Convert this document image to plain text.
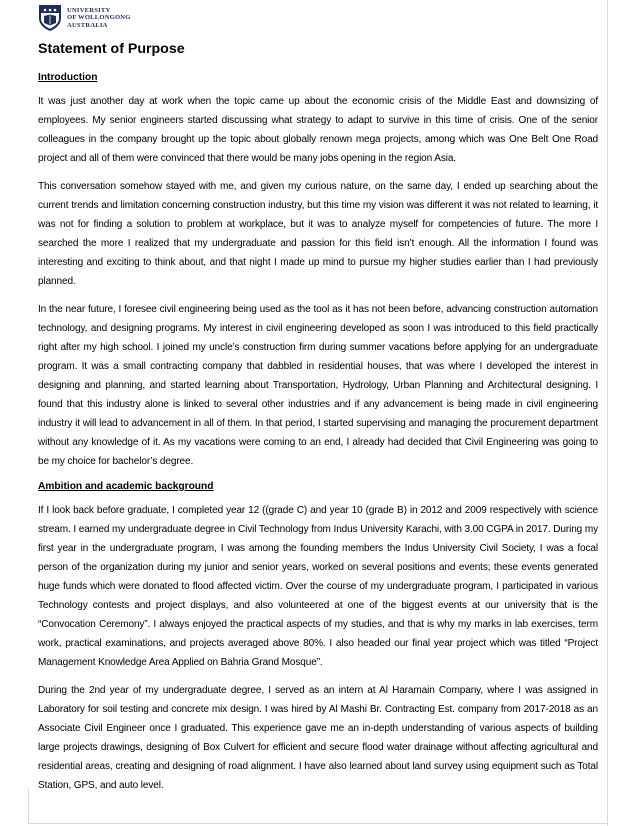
UNIVERSITY
OF WOLLONGONG
AUSTRALIA
Statement of Purpose
Introduction

It was just another day at work when the topic came up about the economic crisis of the Middle East and downsizing of employees. My senior engineers started discussing what strategy to adapt to survive in this time of crisis. One of the senior colleagues in the company brought up the topic about globally renown mega projects, among which was One Belt One Road project and all of them were convinced that there would be many jobs opening in the region Asia.

This conversation somehow stayed with me, and given my curious nature, on the same day, I ended up searching about the current trends and limitation concerning construction industry, but this time my vision was different it was not related to learning, it was not for finding a solution to problem at workplace, but it was to analyze myself for competencies of future. The more I searched the more I realized that my undergraduate and passion for this field isn’t enough. All the information I found was interesting and exciting to think about, and that night I made up mind to pursue my higher studies earlier than I had previously planned.

In the near future, I foresee civil engineering being used as the tool as it has not been before, advancing construction automation technology, and designing programs. My interest in civil engineering developed as soon I was introduced to this field practically right after my high school. I joined my uncle’s construction firm during summer vacations before applying for an undergraduate program. It was a small contracting company that dabbled in residential houses, that was where I developed the interest in designing and planning, and started learning about Transportation, Hydrology, Urban Planning and Architectural designing. I found that this industry alone is linked to several other industries and if any advancement is being made in civil engineering industry it will lead to advancement in all of them. In that period, I started supervising and managing the procurement department without any knowledge of it. As my vacations were coming to an end, I already had decided that Civil Engineering was going to be my choice for bachelor’s degree.

Ambition and academic background

If I look back before graduate, I completed year 12 ((grade C) and year 10 (grade B) in 2012 and 2009 respectively with science stream. I earned my undergraduate degree in Civil Technology from Indus University Karachi, with 3.00 CGPA in 2017. During my first year in the undergraduate program, I was among the founding members the Indus University Civil Society, I was a focal person of the organization during my junior and senior years, worked on several positions and events; these events generated huge funds which were donated to flood affected victim. Over the course of my undergraduate program, I participated in various Technology contests and project displays, and also volunteered at one of the biggest events at our university that is the “Convocation Ceremony”. I always enjoyed the practical aspects of my studies, and that is why my marks in lab exercises, term work, practical examinations, and projects averaged above 80%. I also headed our final year project which was titled “Project Management Knowledge Area Applied on Bahria Grand Mosque”.

During the 2nd year of my undergraduate degree, I served as an intern at Al Haramain Company, where I was assigned in Laboratory for soil testing and concrete mix design. I was hired by Al Mashi Br. Contracting Est. company from 2017-2018 as an Associate Civil Engineer once I graduated. This experience gave me an in-depth understanding of various aspects of building large projects drawings, designing of Box Culvert for efficient and secure flood water drainage without affecting agricultural and residential areas, creating and designing of road alignment. I have also learned about land survey using equipment such as Total Station, GPS, and auto level.
